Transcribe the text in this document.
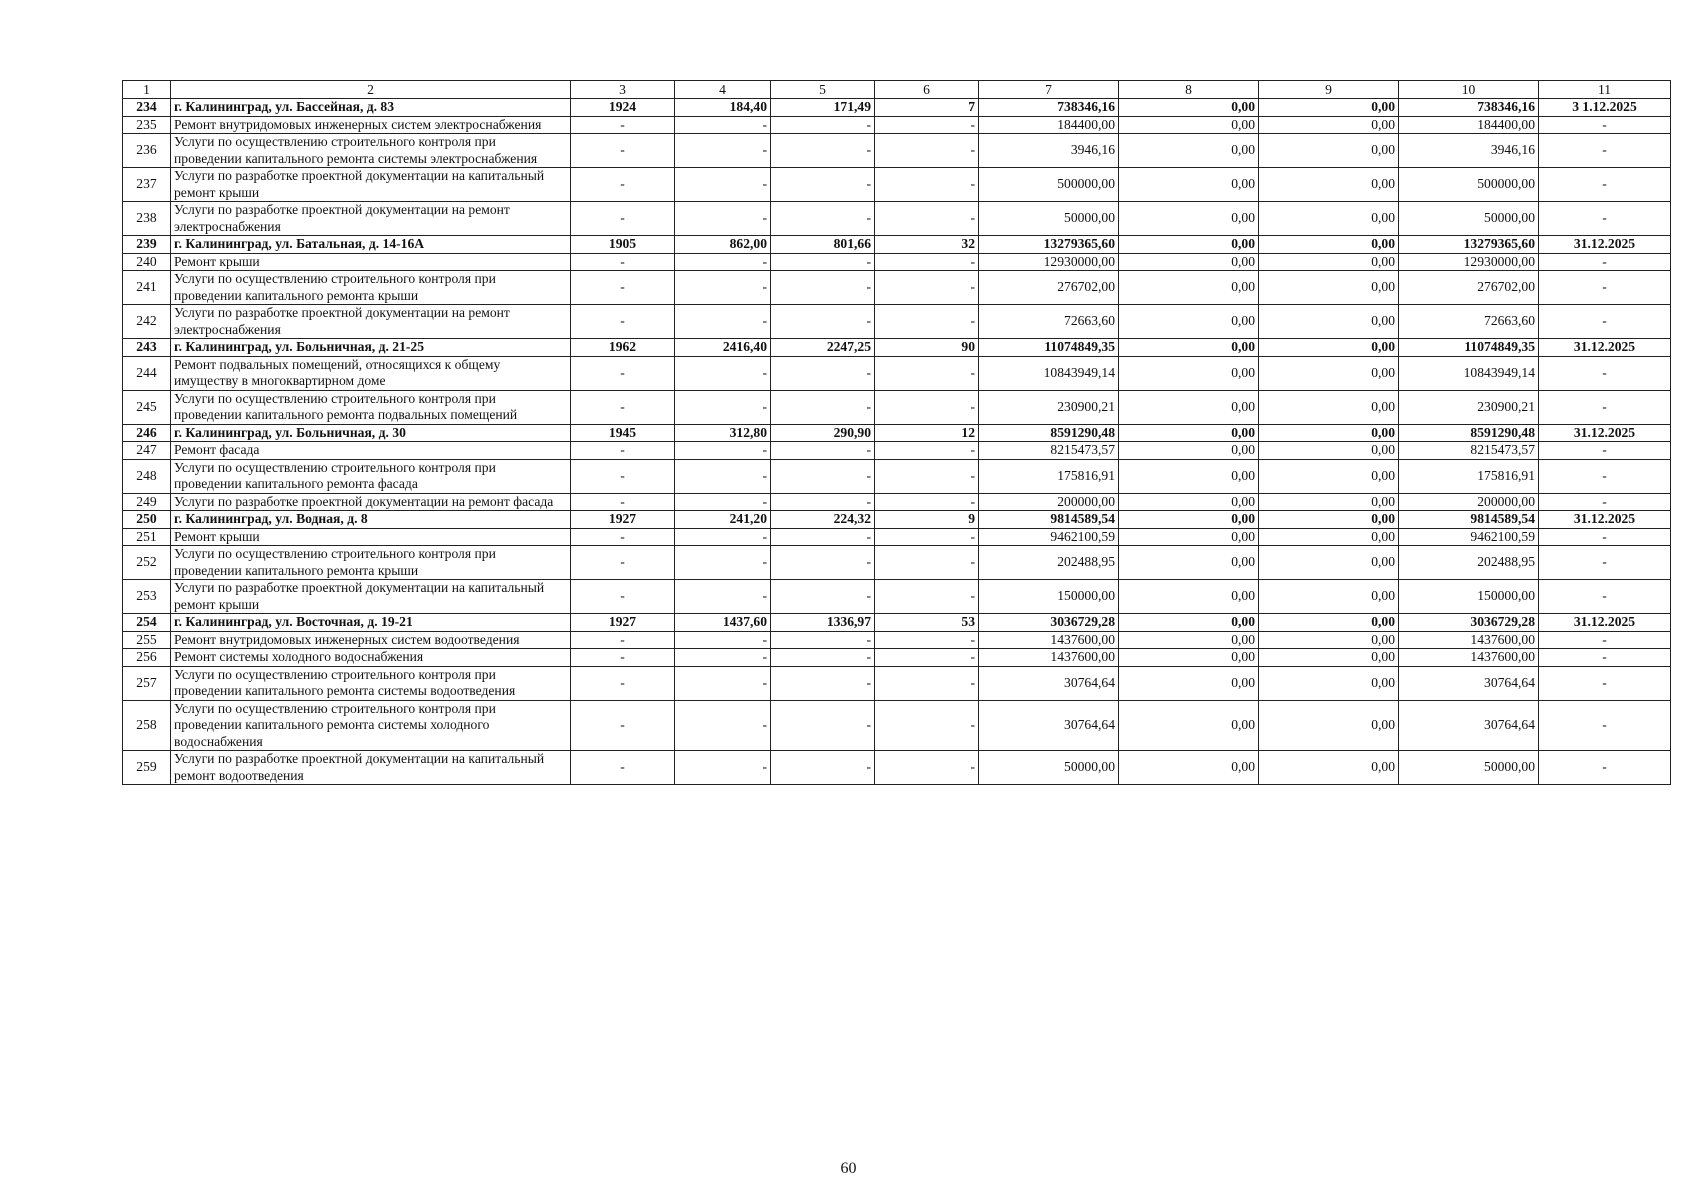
1	2	3	4	5	6	7	8	9	10	11
234	г. Калининград, ул. Бассейная, д. 83	1924	184,40	171,49	7	738346,16	0,00	0,00	738346,16	3 1.12.2025
235	Ремонт внутридомовых инженерных систем электроснабжения	-	-	-	-	184400,00	0,00	0,00	184400,00	-
236	Услуги по осуществлению строительного контроля при проведении капитального ремонта системы электроснабжения	-	-	-	-	3946,16	0,00	0,00	3946,16	-
237	Услуги по разработке проектной документации на капитальный ремонт крыши	-	-	-	-	500000,00	0,00	0,00	500000,00	-
238	Услуги по разработке проектной документации на ремонт электроснабжения	-	-	-	-	50000,00	0,00	0,00	50000,00	-
239	г. Калининград, ул. Батальная, д. 14-16А	1905	862,00	801,66	32	13279365,60	0,00	0,00	13279365,60	31.12.2025
240	Ремонт крыши	-	-	-	-	12930000,00	0,00	0,00	12930000,00	-
241	Услуги по осуществлению строительного контроля при проведении капитального ремонта крыши	-	-	-	-	276702,00	0,00	0,00	276702,00	-
242	Услуги по разработке проектной документации на ремонт электроснабжения	-	-	-	-	72663,60	0,00	0,00	72663,60	-
243	г. Калининград, ул. Больничная, д. 21-25	1962	2416,40	2247,25	90	11074849,35	0,00	0,00	11074849,35	31.12.2025
244	Ремонт подвальных помещений, относящихся к общему имуществу в многоквартирном доме	-	-	-	-	10843949,14	0,00	0,00	10843949,14	-
245	Услуги по осуществлению строительного контроля при проведении капитального ремонта подвальных помещений	-	-	-	-	230900,21	0,00	0,00	230900,21	-
246	г. Калининград, ул. Больничная, д. 30	1945	312,80	290,90	12	8591290,48	0,00	0,00	8591290,48	31.12.2025
247	Ремонт фасада	-	-	-	-	8215473,57	0,00	0,00	8215473,57	-
248	Услуги по осуществлению строительного контроля при проведении капитального ремонта фасада	-	-	-	-	175816,91	0,00	0,00	175816,91	-
249	Услуги по разработке проектной документации на ремонт фасада	-	-	-	-	200000,00	0,00	0,00	200000,00	-
250	г. Калининград, ул. Водная, д. 8	1927	241,20	224,32	9	9814589,54	0,00	0,00	9814589,54	31.12.2025
251	Ремонт крыши	-	-	-	-	9462100,59	0,00	0,00	9462100,59	-
252	Услуги по осуществлению строительного контроля при проведении капитального ремонта крыши	-	-	-	-	202488,95	0,00	0,00	202488,95	-
253	Услуги по разработке проектной документации на капитальный ремонт крыши	-	-	-	-	150000,00	0,00	0,00	150000,00	-
254	г. Калининград, ул. Восточная, д. 19-21	1927	1437,60	1336,97	53	3036729,28	0,00	0,00	3036729,28	31.12.2025
255	Ремонт внутридомовых инженерных систем водоотведения	-	-	-	-	1437600,00	0,00	0,00	1437600,00	-
256	Ремонт системы холодного водоснабжения	-	-	-	-	1437600,00	0,00	0,00	1437600,00	-
257	Услуги по осуществлению строительного контроля при проведении капитального ремонта системы водоотведения	-	-	-	-	30764,64	0,00	0,00	30764,64	-
258	Услуги по осуществлению строительного контроля при проведении капитального ремонта системы холодного водоснабжения	-	-	-	-	30764,64	0,00	0,00	30764,64	-
259	Услуги по разработке проектной документации на капитальный ремонт водоотведения	-	-	-	-	50000,00	0,00	0,00	50000,00	-
60
